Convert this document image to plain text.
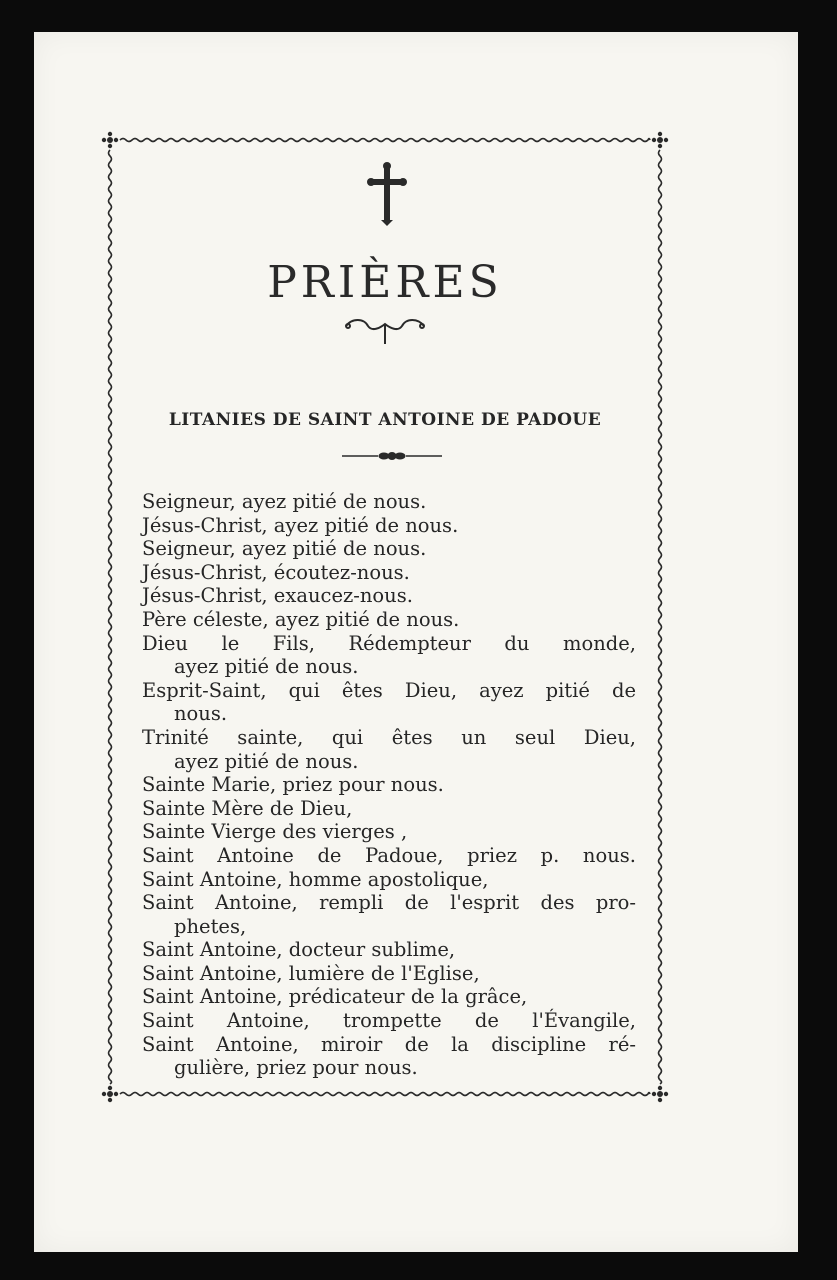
PRIÈRES
LITANIES DE SAINT ANTOINE DE PADOUE
Seigneur, ayez pitié de nous.
Jésus-Christ, ayez pitié de nous.
Seigneur, ayez pitié de nous.
Jésus-Christ, écoutez-nous.
Jésus-Christ, exaucez-nous.
Père céleste, ayez pitié de nous.
Dieu le Fils, Rédempteur du monde,
ayez pitié de nous.
Esprit-Saint, qui êtes Dieu, ayez pitié de
nous.
Trinité sainte, qui êtes un seul Dieu,
ayez pitié de nous.
Sainte Marie, priez pour nous.
Sainte Mère de Dieu,
Sainte Vierge des vierges ,
Saint Antoine de Padoue, priez p. nous.
Saint Antoine, homme apostolique,
Saint Antoine, rempli de l'esprit des pro-
phetes,
Saint Antoine, docteur sublime,
Saint Antoine, lumière de l'Eglise,
Saint Antoine, prédicateur de la grâce,
Saint Antoine, trompette de l'Évangile,
Saint Antoine, miroir de la discipline ré-
gulière, priez pour nous.
